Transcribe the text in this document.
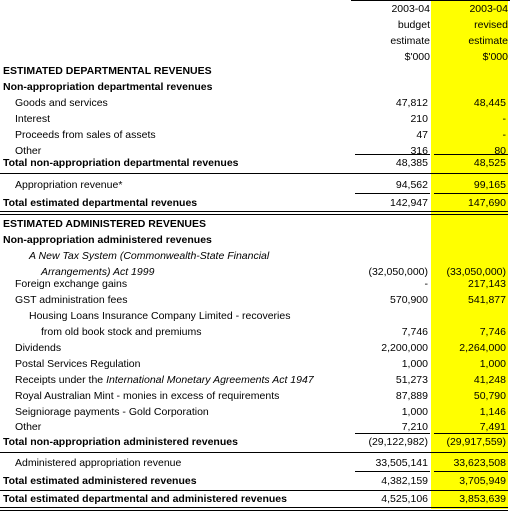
2003-04
budget
estimate
$'000
2003-04
revised
estimate
$'000
ESTIMATED DEPARTMENTAL REVENUES
Non-appropriation departmental revenues
Goods and services	47,812	48,445
Interest	210	-
Proceeds from sales of assets	47	-
Other	316	80
Total non-appropriation departmental revenues	48,385	48,525
Appropriation revenue*	94,562	99,165
Total estimated departmental revenues	142,947	147,690
ESTIMATED ADMINISTERED REVENUES
Non-appropriation administered revenues
A New Tax System (Commonwealth-State Financial
Arrangements) Act 1999	(32,050,000) (33,050,000)
Foreign exchange gains	-	217,143
GST administration fees	570,900	541,877
Housing Loans Insurance Company Limited - recoveries
from old book stock and premiums	7,746	7,746
Dividends	2,200,000	2,264,000
Postal Services Regulation	1,000	1,000
Receipts under the International Monetary Agreements Act 1947	51,273	41,248
Royal Australian Mint - monies in excess of requirements	87,889	50,790
Seigniorage payments - Gold Corporation	1,000	1,146
Other	7,210	7,491
Total non-appropriation administered revenues	(29,122,982) (29,917,559)
Administered appropriation revenue	33,505,141 33,623,508
Total estimated administered revenues	4,382,159	3,705,949
Total estimated departmental and administered revenues	4,525,106	3,853,639
